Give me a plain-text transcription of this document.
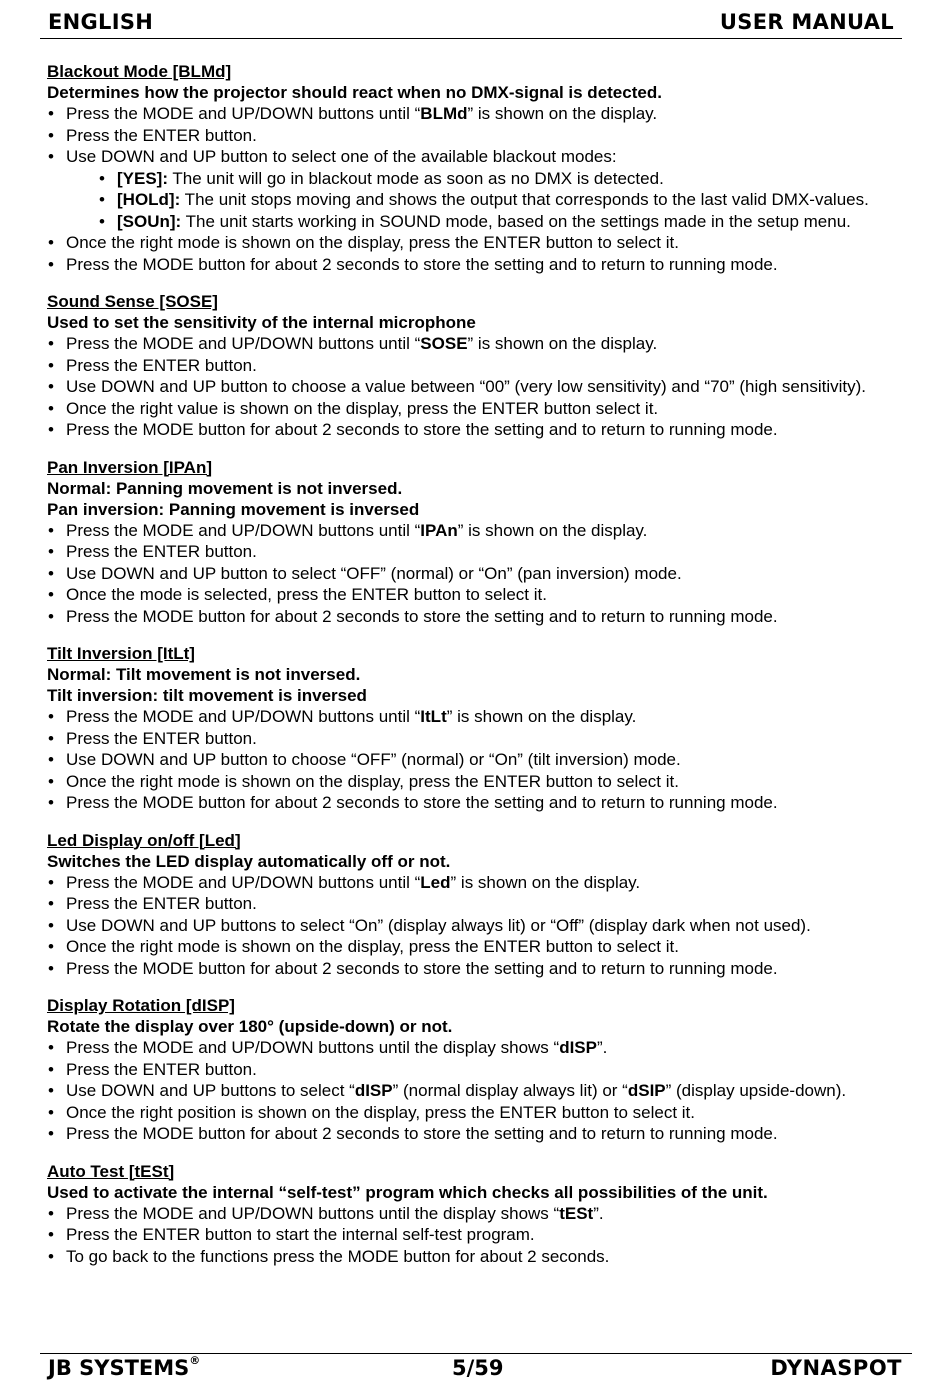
ENGLISH	USER MANUAL
Blackout Mode [BLMd]
Determines how the projector should react when no DMX-signal is detected.
• Press the MODE and UP/DOWN buttons until “BLMd” is shown on the display.
• Press the ENTER button.
• Use DOWN and UP button to select one of the available blackout modes:
• [YES]: The unit will go in blackout mode as soon as no DMX is detected.
• [HOLd]: The unit stops moving and shows the output that corresponds to the last valid DMX-values.
• [SOUn]: The unit starts working in SOUND mode, based on the settings made in the setup menu.
• Once the right mode is shown on the display, press the ENTER button to select it.
• Press the MODE button for about 2 seconds to store the setting and to return to running mode.
Sound Sense [SOSE]
Used to set the sensitivity of the internal microphone
• Press the MODE and UP/DOWN buttons until “SOSE” is shown on the display.
• Press the ENTER button.
• Use DOWN and UP button to choose a value between “00” (very low sensitivity) and “70” (high sensitivity).
• Once the right value is shown on the display, press the ENTER button select it.
• Press the MODE button for about 2 seconds to store the setting and to return to running mode.
Pan Inversion [IPAn]
Normal: Panning movement is not inversed.
Pan inversion: Panning movement is inversed
• Press the MODE and UP/DOWN buttons until “IPAn” is shown on the display.
• Press the ENTER button.
• Use DOWN and UP button to select “OFF” (normal) or “On” (pan inversion) mode.
• Once the mode is selected, press the ENTER button to select it.
• Press the MODE button for about 2 seconds to store the setting and to return to running mode.
Tilt Inversion [ItLt]
Normal: Tilt movement is not inversed.
Tilt inversion: tilt movement is inversed
• Press the MODE and UP/DOWN buttons until “ItLt” is shown on the display.
• Press the ENTER button.
• Use DOWN and UP button to choose “OFF” (normal) or “On” (tilt inversion) mode.
• Once the right mode is shown on the display, press the ENTER button to select it.
• Press the MODE button for about 2 seconds to store the setting and to return to running mode.
Led Display on/off [Led]
Switches the LED display automatically off or not.
• Press the MODE and UP/DOWN buttons until “Led” is shown on the display.
• Press the ENTER button.
• Use DOWN and UP buttons to select “On” (display always lit) or “Off” (display dark when not used).
• Once the right mode is shown on the display, press the ENTER button to select it.
• Press the MODE button for about 2 seconds to store the setting and to return to running mode.
Display Rotation [dISP]
Rotate the display over 180° (upside-down) or not.
• Press the MODE and UP/DOWN buttons until the display shows “dISP”.
• Press the ENTER button.
• Use DOWN and UP buttons to select “dISP” (normal display always lit) or “dSIP” (display upside-down).
• Once the right position is shown on the display, press the ENTER button to select it.
• Press the MODE button for about 2 seconds to store the setting and to return to running mode.
Auto Test [tESt]
Used to activate the internal “self-test” program which checks all possibilities of the unit.
• Press the MODE and UP/DOWN buttons until the display shows “tESt”.
• Press the ENTER button to start the internal self-test program.
• To go back to the functions press the MODE button for about 2 seconds.
JB SYSTEMS®	5/59	DYNASPOT
